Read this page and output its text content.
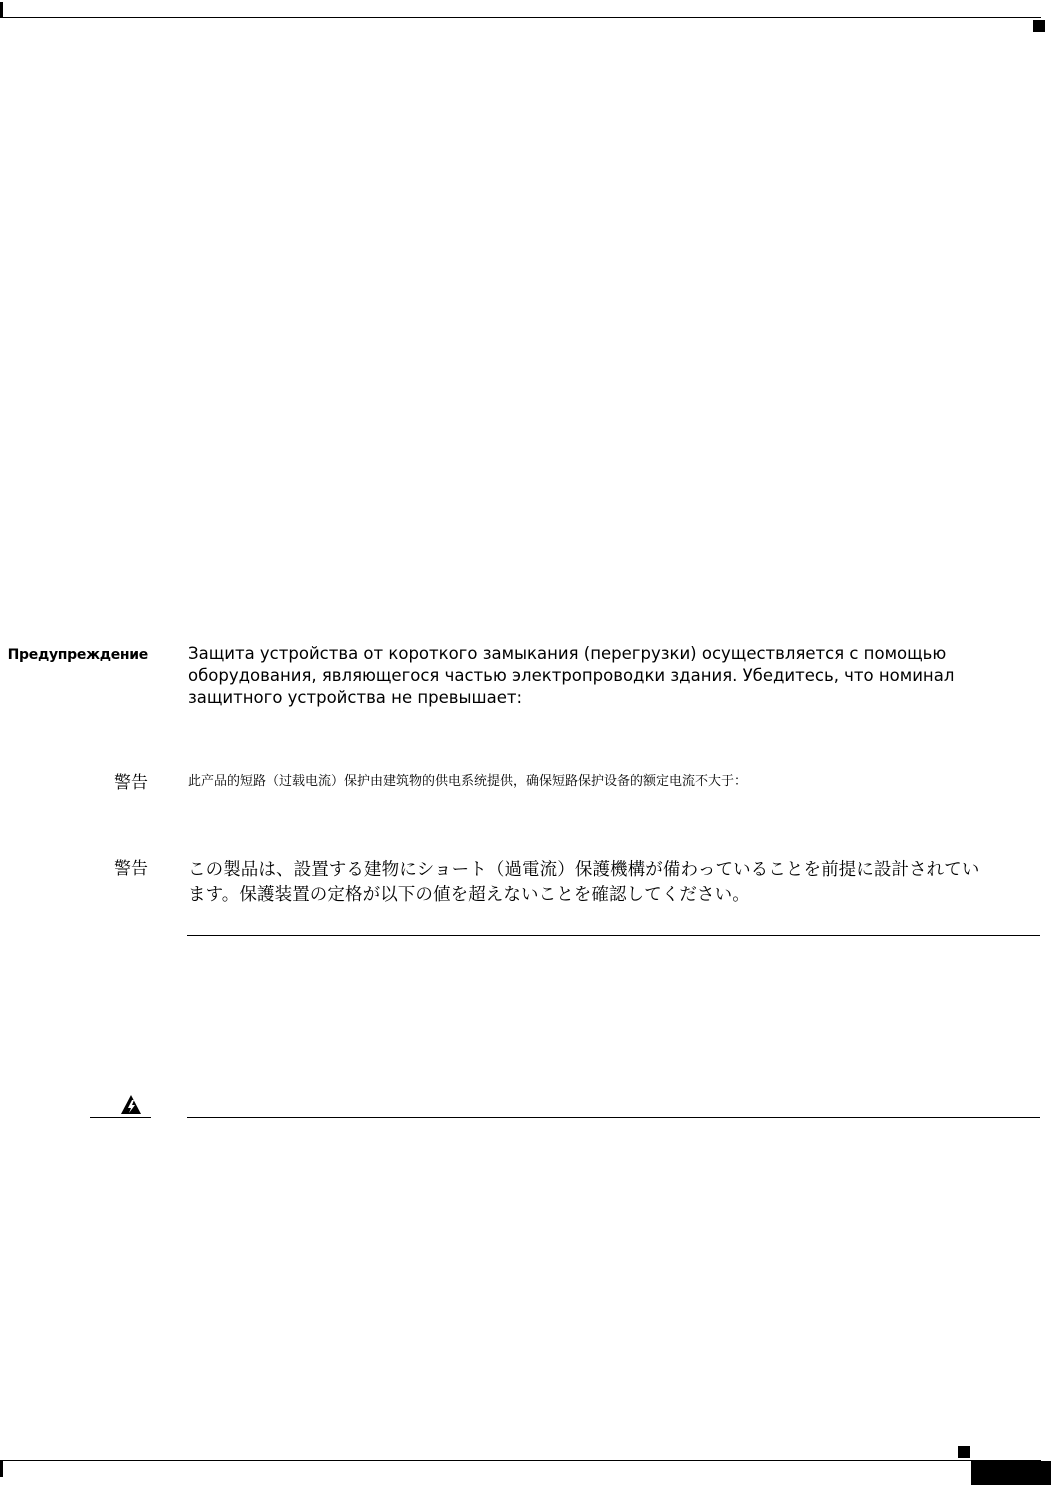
Предупреждение Защита устройства от короткого замыкания (перегрузки) осуществляется с помощью
оборудования, являющегося частью электропроводки здания. Убедитесь, что номинал
защитного устройства не превышает:
警告	此产品的短路（过载电流）保护由建筑物的供电系统提供，确保短路保护设备的额定电流不大于：
警告 この製品は、設置する建物にショート（過電流）保護機構が備わっていることを前提に設計されてい
ます。保護装置の定格が以下の値を超えないことを確認してください。
